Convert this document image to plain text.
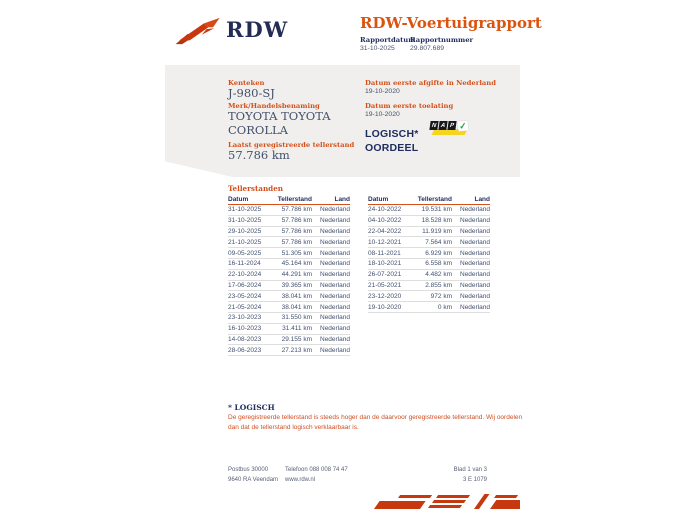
RDW	RDW-Voertuigrapport
Rapportdatum
31-10-2025
Rapportnummer
29.807.689
Kenteken
J-980-SJ
Merk/Handelsbenaming
TOYOTA TOYOTA
COROLLA
Laatst geregistreerde tellerstand
57.786 km
Datum eerste afgifte in Nederland
19-10-2020
Datum eerste toelating
19-10-2020
LOGISCH*
OORDEEL
N A P ✓
Tellerstanden
Datum	Tellerstand	Land
31-10-2025	57.786 km	Nederland
31-10-2025	57.786 km	Nederland
29-10-2025	57.786 km	Nederland
21-10-2025	57.786 km	Nederland
09-05-2025	51.305 km	Nederland
16-11-2024	45.164 km	Nederland
22-10-2024	44.291 km	Nederland
17-06-2024	39.365 km	Nederland
23-05-2024	38.041 km	Nederland
21-05-2024	38.041 km	Nederland
23-10-2023	31.550 km	Nederland
16-10-2023	31.411 km	Nederland
14-08-2023	29.155 km	Nederland
28-06-2023	27.213 km	Nederland
Datum	Tellerstand	Land
24-10-2022	19.531 km	Nederland
04-10-2022	18.528 km	Nederland
22-04-2022	11.919 km	Nederland
10-12-2021	7.564 km	Nederland
08-11-2021	6.929 km	Nederland
18-10-2021	6.558 km	Nederland
26-07-2021	4.482 km	Nederland
21-05-2021	2.855 km	Nederland
23-12-2020	972 km	Nederland
19-10-2020	0 km	Nederland
* LOGISCH
De geregistreerde tellerstand is steeds hoger dan de daarvoor geregistreerde tellerstand. Wij oordelen dan dat de tellerstand logisch verklaarbaar is.
Postbus 30000
9640 RA Veendam
Telefoon 088 008 74 47
www.rdw.nl
Blad 1 van 3
3 E 1079
